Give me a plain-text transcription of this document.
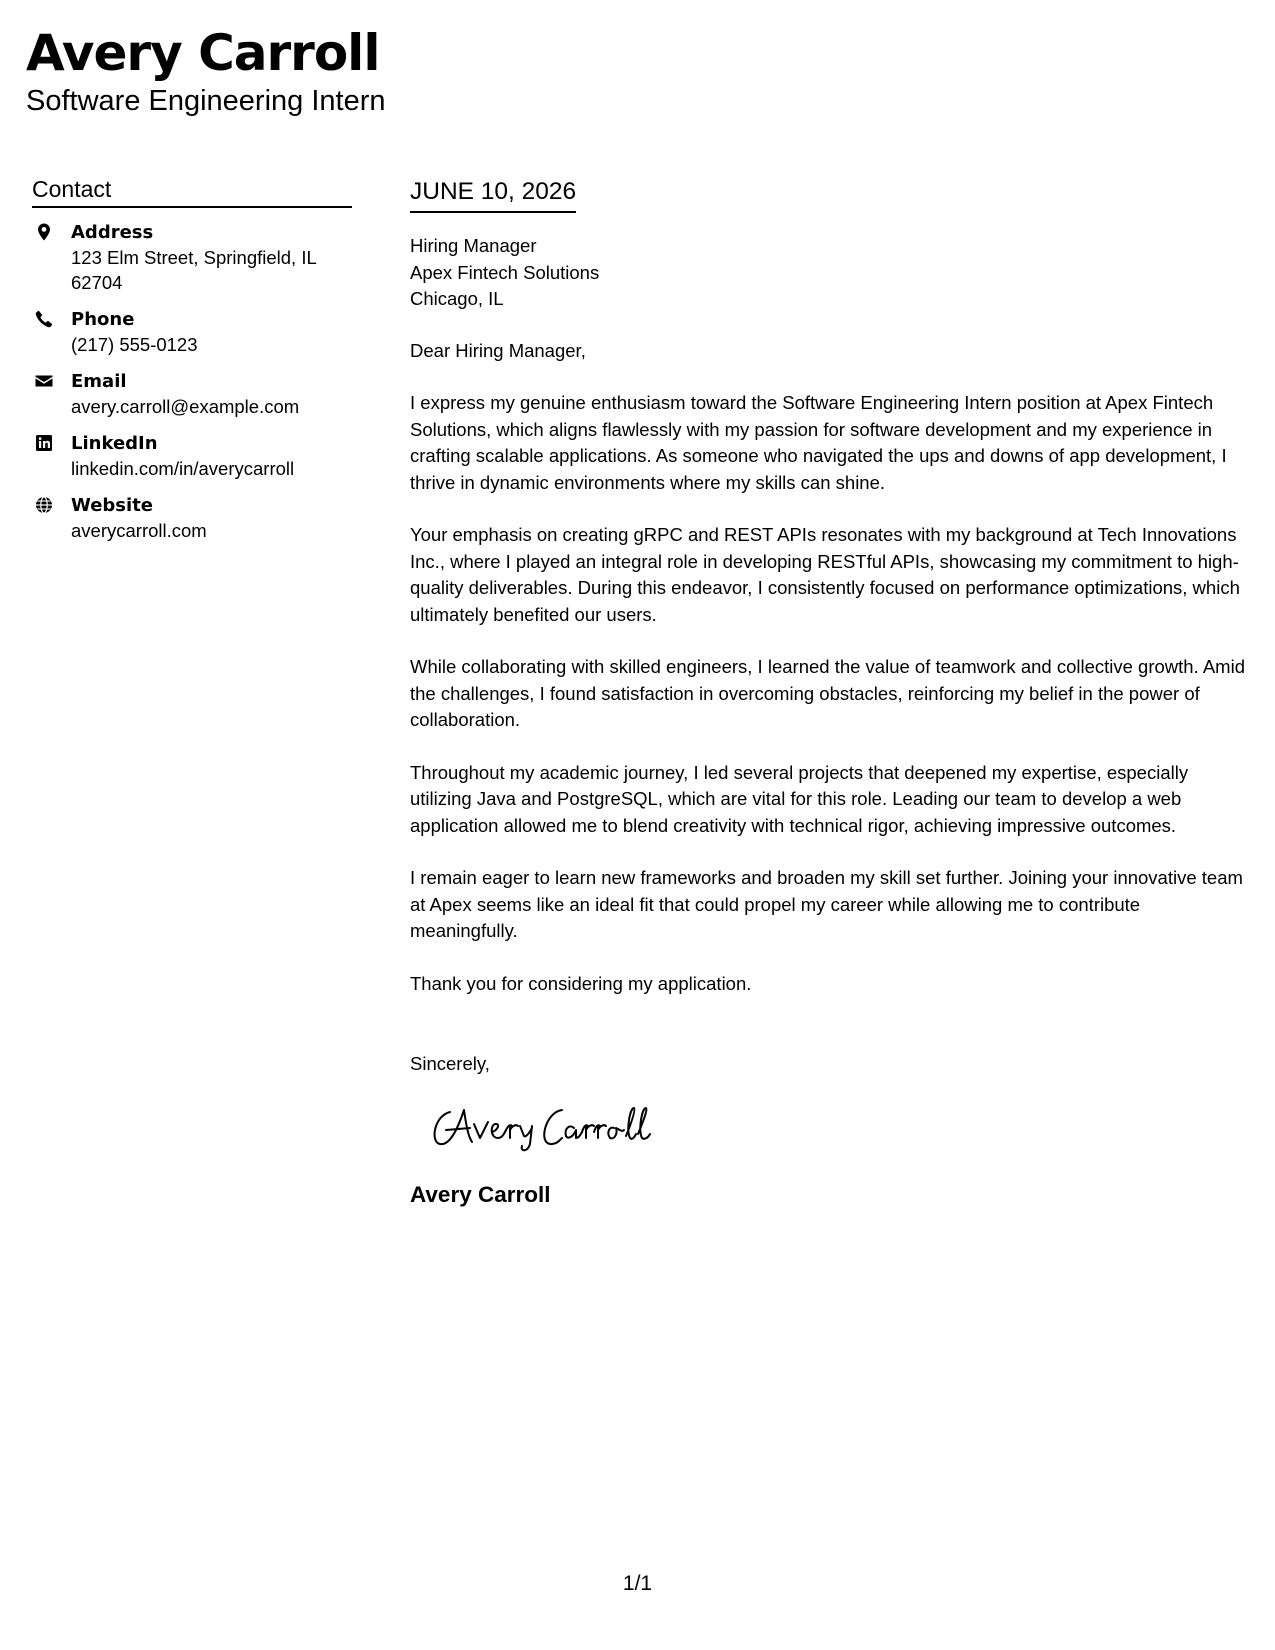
Avery Carroll

Software Engineering Intern

Contact
Address
123 Elm Street, Springfield, IL
62704
Phone
(217) 555-0123
Email
avery.carroll@example.com
LinkedIn
linkedin.com/in/averycarroll
Website
averycarroll.com
JUNE 10, 2026

Hiring Manager

Apex Fintech Solutions

Chicago, IL

Dear Hiring Manager,

I express my genuine enthusiasm toward the Software Engineering Intern position at Apex Fintech Solutions, which aligns flawlessly with my passion for software development and my experience in crafting scalable applications. As someone who navigated the ups and downs of app development, I thrive in dynamic environments where my skills can shine.

Your emphasis on creating gRPC and REST APIs resonates with my background at Tech Innovations Inc., where I played an integral role in developing RESTful APIs, showcasing my commitment to high-quality deliverables. During this endeavor, I consistently focused on performance optimizations, which ultimately benefited our users.

While collaborating with skilled engineers, I learned the value of teamwork and collective growth. Amid the challenges, I found satisfaction in overcoming obstacles, reinforcing my belief in the power of collaboration.

Throughout my academic journey, I led several projects that deepened my expertise, especially utilizing Java and PostgreSQL, which are vital for this role. Leading our team to develop a web application allowed me to blend creativity with technical rigor, achieving impressive outcomes.

I remain eager to learn new frameworks and broaden my skill set further. Joining your innovative team at Apex seems like an ideal fit that could propel my career while allowing me to contribute meaningfully.

Thank you for considering my application.

Sincerely,

Avery Carroll
1/1
